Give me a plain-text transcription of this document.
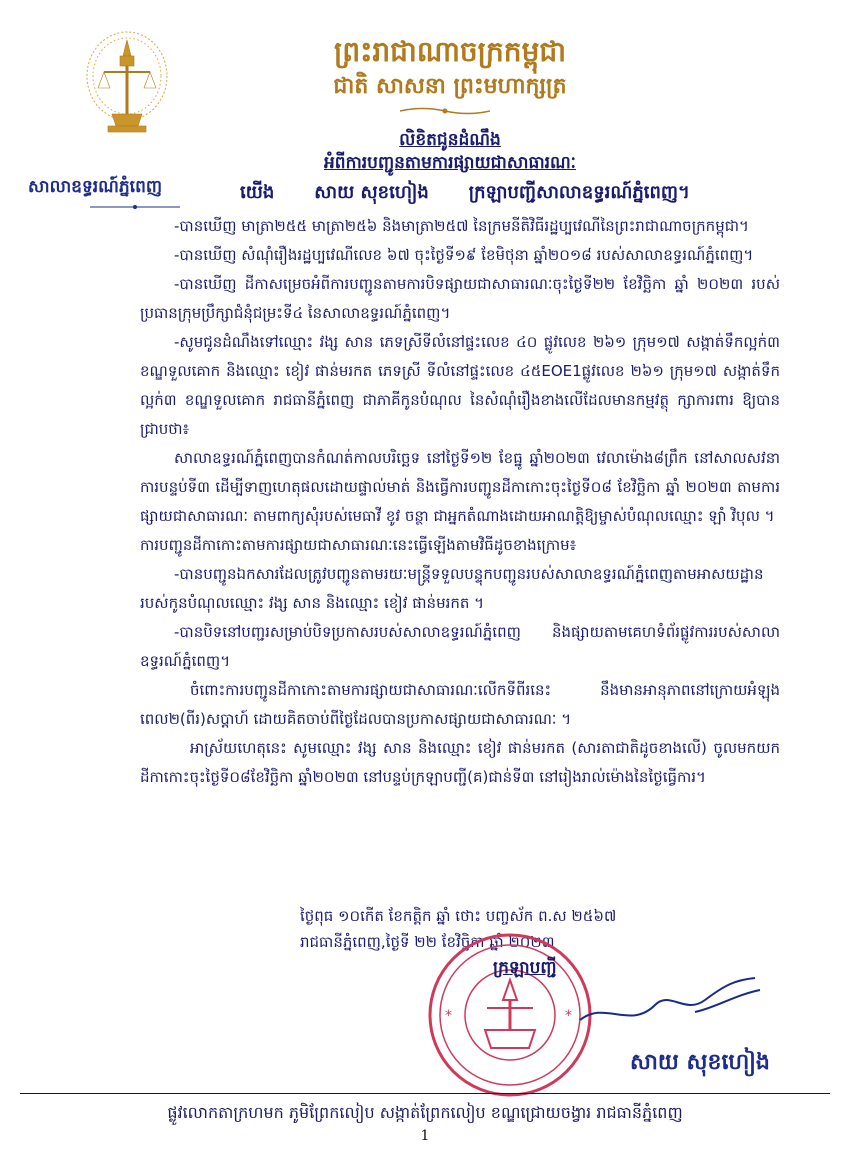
សាលាឧទ្ធរណ៍ភ្នំពេញ
ព្រះរាជាណាចក្រកម្ពុជា
ជាតិ សាសនា ព្រះមហាក្សត្រ
លិខិតជូនដំណឹង
អំពីការបញ្ជូនតាមការផ្សាយជាសាធារណៈ
យើង សាយ សុខហៀង ក្រឡាបញ្ជីសាលាឧទ្ធរណ៍ភ្នំពេញ។

-បានឃើញ មាត្រា២៥៥ មាត្រា២៥៦ និងមាត្រា២៥៧ នៃក្រមនីតិវិធីរដ្ឋប្បវេណីនៃព្រះរាជាណាចក្រកម្ពុជា។

-បានឃើញ សំណុំរឿងរដ្ឋប្បវេណីលេខ ៦៧ ចុះថ្ងៃទី១៩ ខែមិថុនា ឆ្នាំ២០១៨ របស់សាលាឧទ្ធរណ៍ភ្នំពេញ។

-បានឃើញ ដីកាសម្រេចអំពីការបញ្ជូនតាមការបិទផ្សាយជាសាធារណៈចុះថ្ងៃទី២២ ខែវិច្ឆិកា ឆ្នាំ ២០២៣ របស់ប្រធានក្រុមប្រឹក្សាជំនុំជម្រះទី៤ នៃសាលាឧទ្ធរណ៍ភ្នំពេញ។

-សូមជូនដំណឹងទៅឈ្មោះ វង្ស សាន ភេទស្រីទីលំនៅផ្ទះលេខ ៤០ ផ្លូវលេខ ២៦១ ក្រុម១៧ សង្កាត់ទឹកល្អក់៣ ខណ្ឌទួលគោក និងឈ្មោះ ខៀវ ផាន់មរកត ភេទស្រី ទីលំនៅផ្ទះលេខ ៤៥EOE1ផ្លូវលេខ ២៦១ ក្រុម១៧ សង្កាត់ទឹកល្អក់៣ ខណ្ឌទួលគោក រាជធានីភ្នំពេញ ជាភាគីកូនបំណុល នៃសំណុំរឿងខាងលើដែលមានកម្មវត្ថុ ក្សាការពារ ឱ្យបានជ្រាបថា៖

សាលាឧទ្ធរណ៍ភ្នំពេញបានកំណត់កាលបរិច្ឆេទ នៅថ្ងៃទី១២ ខែធ្នូ ឆ្នាំ២០២៣ វេលាម៉ោង៨ព្រឹក នៅសាលសវនាការបន្ទប់ទី៣ ដើម្បីទាញហេតុផលដោយផ្ទាល់មាត់ និងធ្វើការបញ្ជូនដីកាកោះចុះថ្ងៃទី០៨ ខែវិច្ឆិកា ឆ្នាំ ២០២៣ តាមការផ្សាយជាសាធារណៈ តាមពាក្យសុំរបស់មេធាវី ខូវ ចន្ថា ជាអ្នកតំណាងដោយអាណត្តិឱ្យម្ចាស់បំណុលឈ្មោះ ឡាំ វិបុល ។

ការបញ្ជូនដីកាកោះតាមការផ្សាយជាសាធារណៈនេះធ្វើឡើងតាមវិធីដូចខាងក្រោម៖

-បានបញ្ជូនឯកសារដែលត្រូវបញ្ជូនតាមរយៈមន្ត្រីទទួលបន្ទុកបញ្ជូនរបស់សាលាឧទ្ធរណ៍ភ្នំពេញតាមអាសយដ្ឋានរបស់កូនបំណុលឈ្មោះ វង្ស សាន និងឈ្មោះ ខៀវ ផាន់មរកត ។

-បានបិទនៅបញ្ជរសម្រាប់បិទប្រកាសរបស់សាលាឧទ្ធរណ៍ភ្នំពេញ និងផ្សាយតាមគេហទំព័រផ្លូវការរបស់សាលាឧទ្ធរណ៍ភ្នំពេញ។

ចំពោះការបញ្ជូនដីកាកោះតាមការផ្សាយជាសាធារណៈលើកទីពីរនេះ នឹងមានអានុភាពនៅក្រោយអំឡុងពេល២(ពីរ)សប្តាហ៍ ដោយគិតចាប់ពីថ្ងៃដែលបានប្រកាសផ្សាយជាសាធារណៈ ។

អាស្រ័យហេតុនេះ សូមឈ្មោះ វង្ស សាន និងឈ្មោះ ខៀវ ផាន់មរកត (សារតាជាតិដូចខាងលើ) ចូលមកយកដីកាកោះចុះថ្ងៃទី០៨ខែវិច្ឆិកា ឆ្នាំ២០២៣ នៅបន្ទប់ក្រឡាបញ្ជី(គ)ជាន់ទី៣ នៅរៀងរាល់ម៉ោងនៃថ្ងៃធ្វើការ។

ថ្ងៃពុធ ១០កើត ខែកត្តិក ឆ្នាំ ថោះ បញ្ចស័ក ព.ស ២៥៦៧
រាជធានីភ្នំពេញ,ថ្ងៃទី ២២ ខែវិច្ឆិកា ឆ្នាំ ២០២៣
*	*
ក្រឡាបញ្ជី
សាយ សុខហៀង
ផ្លូវលោកតាក្រហមក ភូមិព្រែកលៀប សង្កាត់ព្រែកលៀប ខណ្ឌជ្រោយចង្វារ រាជធានីភ្នំពេញ
1
